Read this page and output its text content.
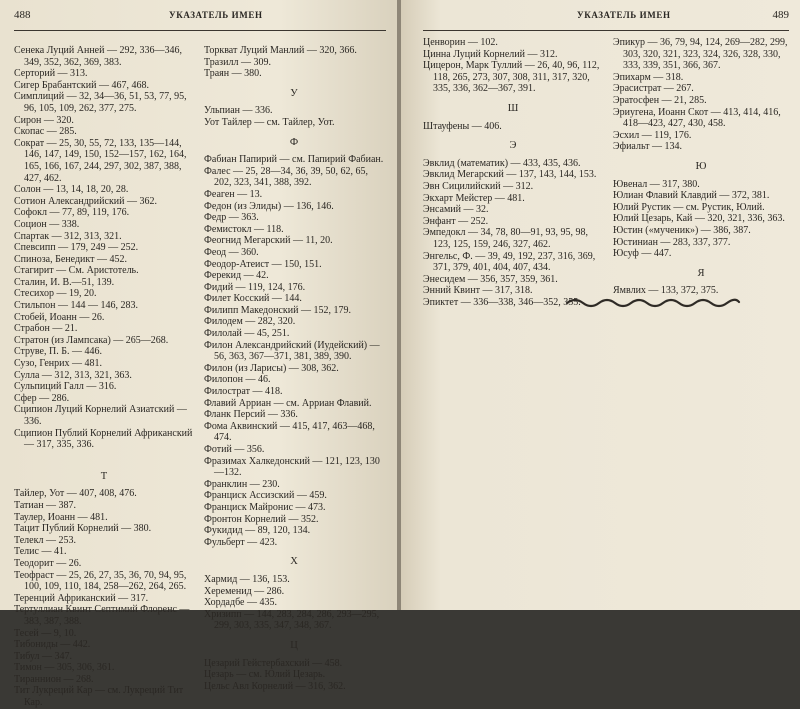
488	УКАЗАТЕЛЬ ИМЕН
Сенека Луций Анней — 292, 336—346, 349, 352, 362, 369, 383.
Серторий — 313.
Сигер Брабантский — 467, 468.
Симплиций — 32, 34—36, 51, 53, 77, 95, 96, 105, 109, 262, 377, 275.
Сирон — 320.
Скопас — 285.
Сократ — 25, 30, 55, 72, 133, 135—144, 146, 147, 149, 150, 152—157, 162, 164, 165, 166, 167, 244, 297, 302, 387, 388, 427, 462.
Солон — 13, 14, 18, 20, 28.
Сотион Александрийский — 362.
Софокл — 77, 89, 119, 176.
Социон — 338.
Спартак — 312, 313, 321.
Спевсипп — 179, 249 — 252.
Спиноза, Бенедикт — 452.
Стагирит — См. Аристотель.
Сталин, И. В.—51, 139.
Стесихор — 19, 20.
Стильпон — 144 — 146, 283.
Стобей, Иоанн — 26.
Страбон — 21.
Стратон (из Лампсака) — 265—268.
Струве, П. Б. — 446.
Сузо, Генрих — 481.
Сулла — 312, 313, 321, 363.
Сульпиций Галл — 316.
Сфер — 286.
Сципион Луций Корнелий Азиатский — 336.
Сципион Публий Корнелий Африканский — 317, 335, 336.
Т
Тайлер, Уот — 407, 408, 476.
Татиан — 387.
Таулер, Иоанн — 481.
Тацит Публий Корнелий — 380.
Телекл — 253.
Телис — 41.
Теодорит — 26.
Теофраст — 25, 26, 27, 35, 36, 70, 94, 95, 100, 109, 110, 184, 258—262, 264, 265.
Теренций Африканский — 317.
Тертуллиан Квинт Септимий Флоренс — 383, 387, 388.
Тесей — 9, 10.
Тибониды — 442.
Тибул — 347.
Тимон — 305, 306, 361.
Тираннион — 268.
Тит Лукреций Кар — см. Лукреций Тит Кар.
Торкват Луций Манлий — 320, 366.
Тразилл — 309.
Траян — 380.
У
Ульпиан — 336.
Уот Тайлер — см. Тайлер, Уот.
Ф
Фабиан Папирий — см. Папирий Фабиан.
Фалес — 25, 28—34, 36, 39, 50, 62, 65, 202, 323, 341, 388, 392.
Феаген — 13.
Федон (из Элиды) — 136, 146.
Федр — 363.
Фемистокл — 118.
Феогнид Мегарский — 11, 20.
Феод — 360.
Феодор-Атеист — 150, 151.
Ферекид — 42.
Фидий — 119, 124, 176.
Филет Косский — 144.
Филипп Македонский — 152, 179.
Филодем — 282, 320.
Филолай — 45, 251.
Филон Александрийский (Иудейский) — 56, 363, 367—371, 381, 389, 390.
Филон (из Ларисы) — 308, 362.
Филопон — 46.
Филострат — 418.
Флавий Арриан — см. Арриан Флавий.
Фланк Персий — 336.
Фома Аквинский — 415, 417, 463—468, 474.
Фотий — 356.
Фразимах Халкедонский — 121, 123, 130—132.
Франклин — 230.
Франциск Ассизский — 459.
Франциск Майронис — 473.
Фронтон Корнелий — 352.
Фукидид — 89, 120, 134.
Фульберт — 423.
Х
Хармид — 136, 153.
Хеременид — 286.
Хордадбе — 435.
Хризипп — 144, 283, 284, 286, 293—295, 299, 303, 335, 347, 348, 367.
Ц
Цезарий Гейстербахский — 458.
Цезарь — см. Юлий Цезарь.
Цельс Авл Корнелий — 316, 362.
УКАЗАТЕЛЬ ИМЕН	489
Ценворин — 102.
Цинна Луций Корнелий — 312.
Цицерон, Марк Туллий — 26, 40, 96, 112, 118, 265, 273, 307, 308, 311, 317, 320, 335, 336, 362—367, 391.
Ш
Штауфены — 406.
Э
Эвклид (математик) — 433, 435, 436.
Эвклид Мегарский — 137, 143, 144, 153.
Эвн Сицилийский — 312.
Экхарт Мейстер — 481.
Энсамий — 32.
Энфант — 252.
Эмпедокл — 34, 78, 80—91, 93, 95, 98, 123, 125, 159, 246, 327, 462.
Энгельс, Ф. — 39, 49, 192, 237, 316, 369, 371, 379, 401, 404, 407, 434.
Энесидем — 356, 357, 359, 361.
Энний Квинт — 317, 318.
Эпиктет — 336—338, 346—352, 355.
Эпикур — 36, 79, 94, 124, 269—282, 299, 303, 320, 321, 323, 324, 326, 328, 330, 333, 339, 351, 366, 367.
Эпихарм — 318.
Эрасистрат — 267.
Эратосфен — 21, 285.
Эриугена, Иоанн Скот — 413, 414, 416, 418—423, 427, 430, 458.
Эсхил — 119, 176.
Эфиальт — 134.
Ю
Ювенал — 317, 380.
Юлиан Флавий Клавдий — 372, 381.
Юлий Рустик — см. Рустик, Юлий.
Юлий Цезарь, Кай — 320, 321, 336, 363.
Юстин («мученик») — 386, 387.
Юстиниан — 283, 337, 377.
Юсуф — 447.
Я
Ямвлих — 133, 372, 375.
